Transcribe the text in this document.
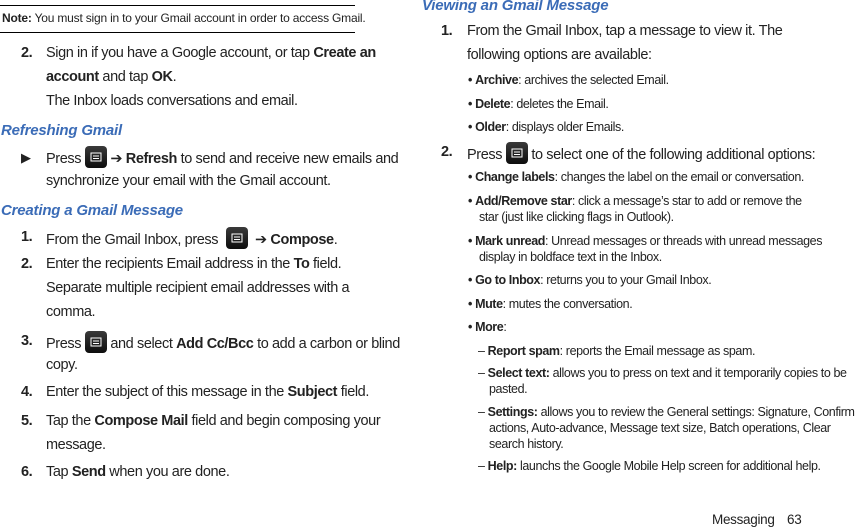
Note: You must sign in to your Gmail account in order to access Gmail.
2. Sign in if you have a Google account, or tap Create an
account and tap OK.
The Inbox loads conversations and email.
Refreshing Gmail
▶ Press ➔ Refresh to send and receive new emails and
synchronize your email with the Gmail account.
Creating a Gmail Message
1. From the Gmail Inbox, press	➔ Compose.
2. Enter the recipients Email address in the To field.
Separate multiple recipient email addresses with a
comma.
3. Press
and select Add Cc/Bcc to add a carbon or blind
copy.
4. Enter the subject of this message in the Subject field.
5. Tap the Compose Mail field and begin composing your
message.
6. Tap Send when you are done.
Viewing an Gmail Message
1. From the Gmail Inbox, tap a message to view it. The
following options are available:
• Archive: archives the selected Email.
• Delete: deletes the Email.
• Older: displays older Emails.
2. Press to select one of the following additional options:
• Change labels: changes the label on the email or conversation.
• Add/Remove star: click a message’s star to add or remove the
star (just like clicking flags in Outlook).
• Mark unread: Unread messages or threads with unread messages
display in boldface text in the Inbox.
• Go to Inbox: returns you to your Gmail Inbox.
• Mute: mutes the conversation.
• More:
– Report spam: reports the Email message as spam.
– Select text: allows you to press on text and it temporarily copies to be
pasted.
– Settings: allows you to review the General settings: Signature, Confirm
actions, Auto-advance, Message text size, Batch operations, Clear
search history.
– Help: launchs the Google Mobile Help screen for additional help.
Messaging 63
